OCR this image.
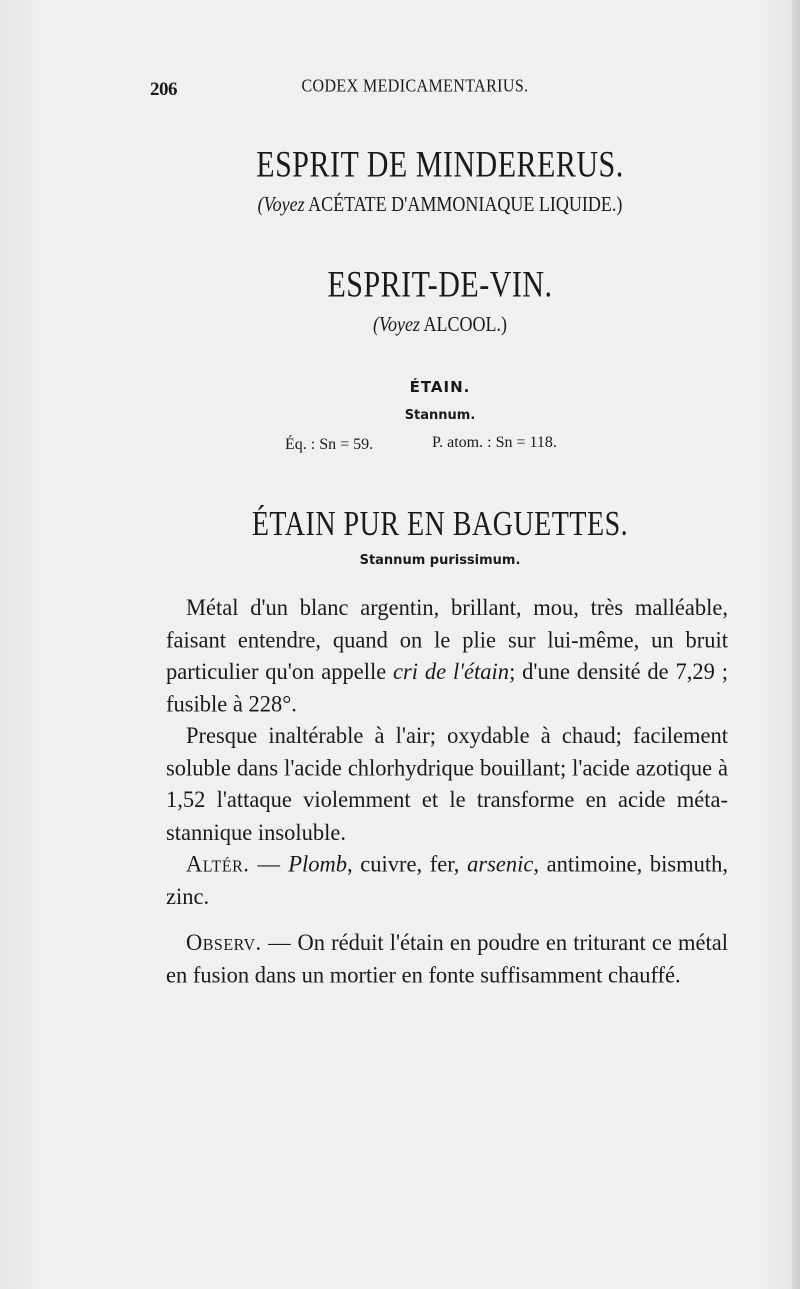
206	CODEX MEDICAMENTARIUS.
ESPRIT DE MINDERERUS.
(Voyez ACÉTATE D'AMMONIAQUE LIQUIDE.)
ESPRIT-DE-VIN.
(Voyez ALCOOL.)
ÉTAIN.
Stannum.
Éq. : Sn = 59.	P. atom. : Sn = 118.
ÉTAIN PUR EN BAGUETTES.
Stannum purissimum.

Métal d'un blanc argentin, brillant, mou, très malléable, faisant entendre, quand on le plie sur lui-même, un bruit particulier qu'on appelle cri de l'étain; d'une densité de 7,29 ; fusible à 228°.

Presque inaltérable à l'air; oxydable à chaud; facilement soluble dans l'acide chlorhydrique bouillant; l'acide azotique à 1,52 l'attaque violemment et le transforme en acide méta-stannique insoluble.

Altér. — Plomb, cuivre, fer, arsenic, antimoine, bismuth, zinc.

Observ. — On réduit l'étain en poudre en triturant ce métal en fusion dans un mortier en fonte suffisamment chauffé.
